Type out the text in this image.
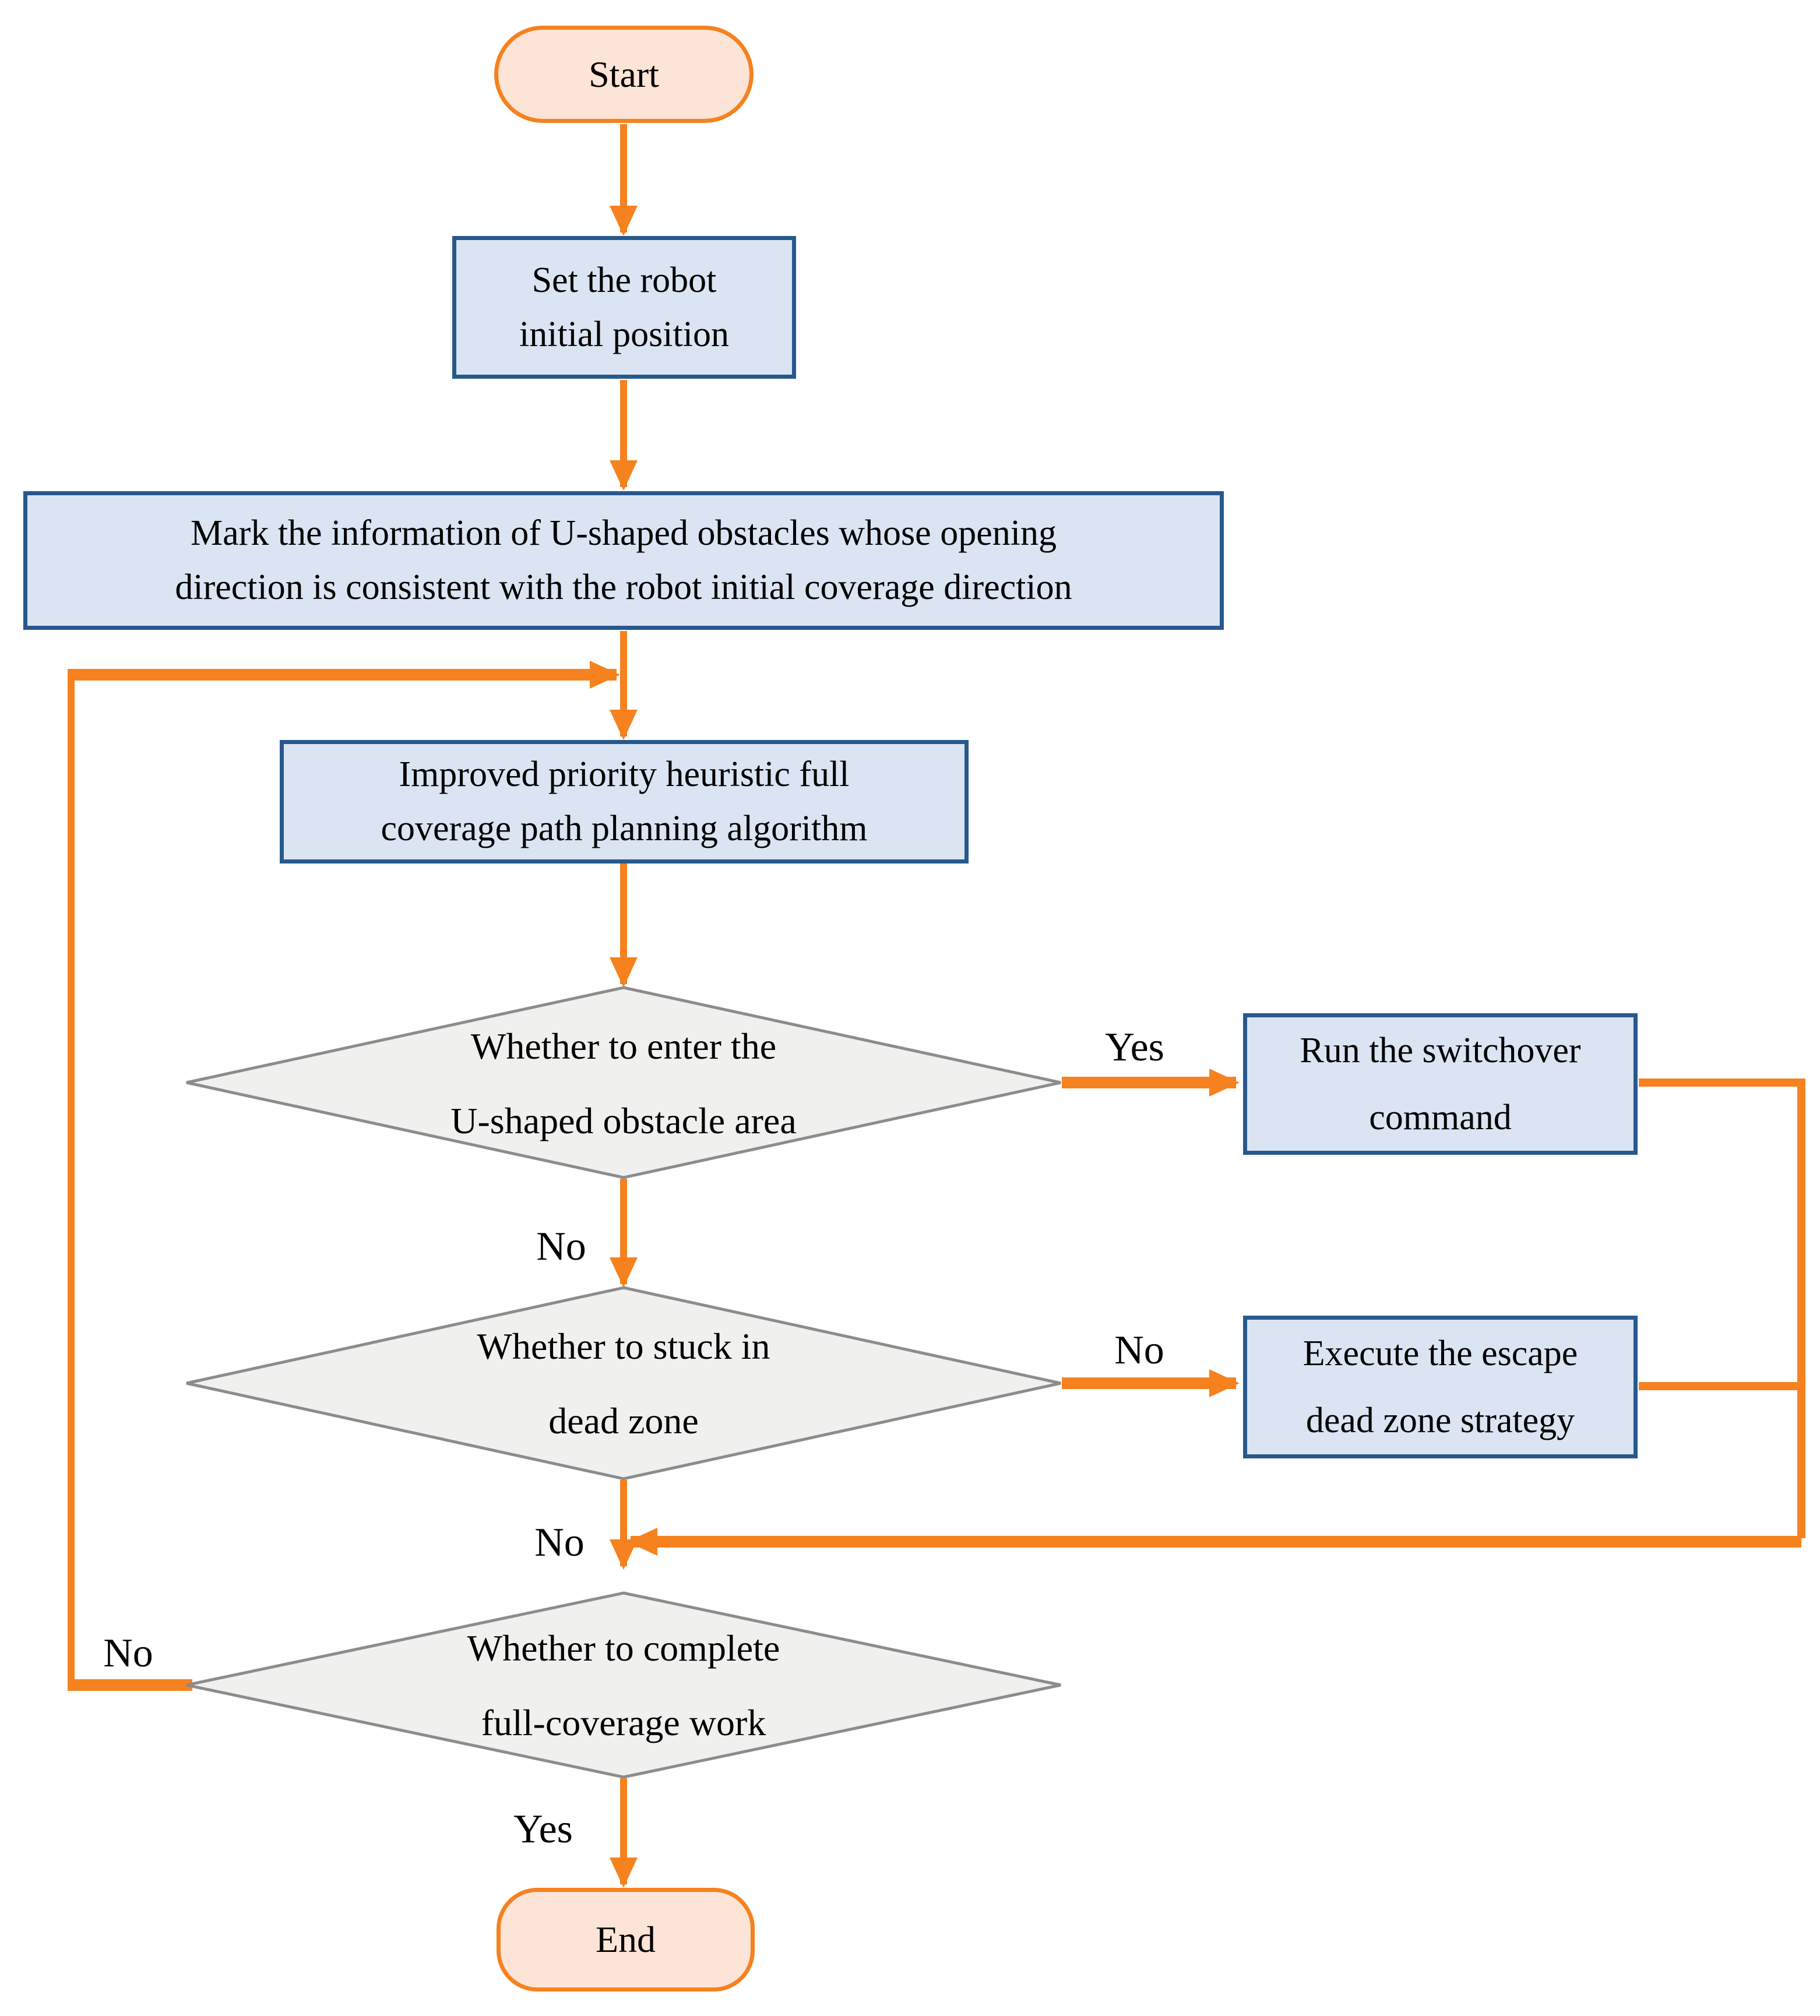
Start
Set the robot
initial position
Mark the information of U-shaped obstacles whose opening
direction is consistent with the robot initial coverage direction
Improved priority heuristic full
coverage path planning algorithm
Whether to enter the
U-shaped obstacle area
Run the switchover
command
Whether to stuck in
dead zone
Execute the escape
dead zone strategy
Whether to complete
full-coverage work
End
Yes
No
No
No
No
Yes
